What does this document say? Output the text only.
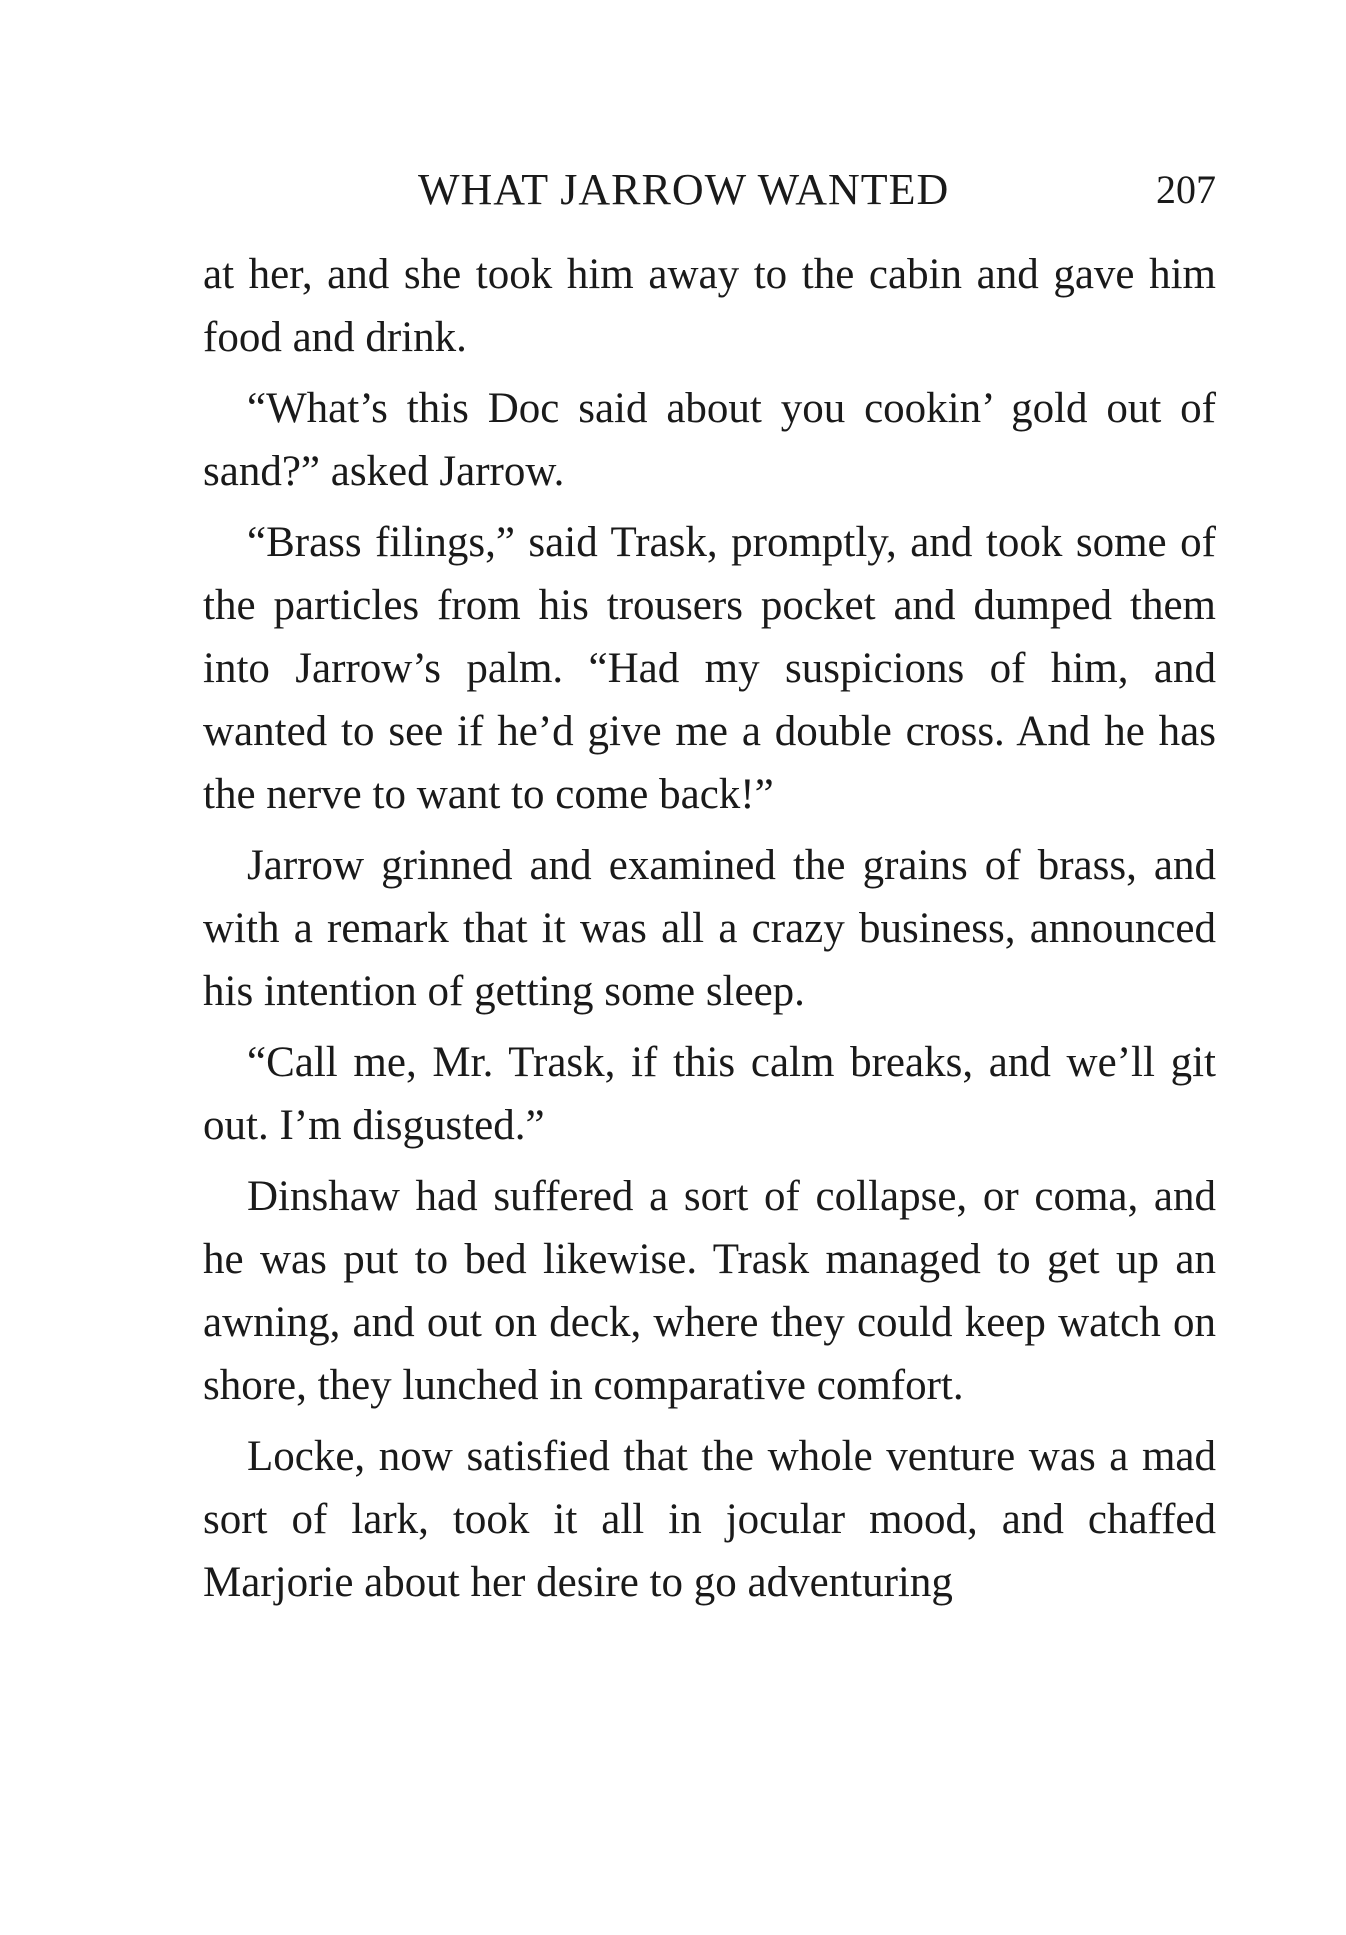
WHAT JARROW WANTED	207

at her, and she took him away to the cabin and gave him food and drink.

“What’s this Doc said about you cookin’ gold out of sand?” asked Jarrow.

“Brass filings,” said Trask, promptly, and took some of the particles from his trousers pocket and dumped them into Jarrow’s palm. “Had my suspicions of him, and wanted to see if he’d give me a double cross. And he has the nerve to want to come back!”

Jarrow grinned and examined the grains of brass, and with a remark that it was all a crazy business, announced his intention of getting some sleep.

“Call me, Mr. Trask, if this calm breaks, and we’ll git out. I’m disgusted.”

Dinshaw had suffered a sort of collapse, or coma, and he was put to bed likewise. Trask managed to get up an awning, and out on deck, where they could keep watch on shore, they lunched in comparative comfort.

Locke, now satisfied that the whole venture was a mad sort of lark, took it all in jocular mood, and chaffed Marjorie about her desire to go adventuring
